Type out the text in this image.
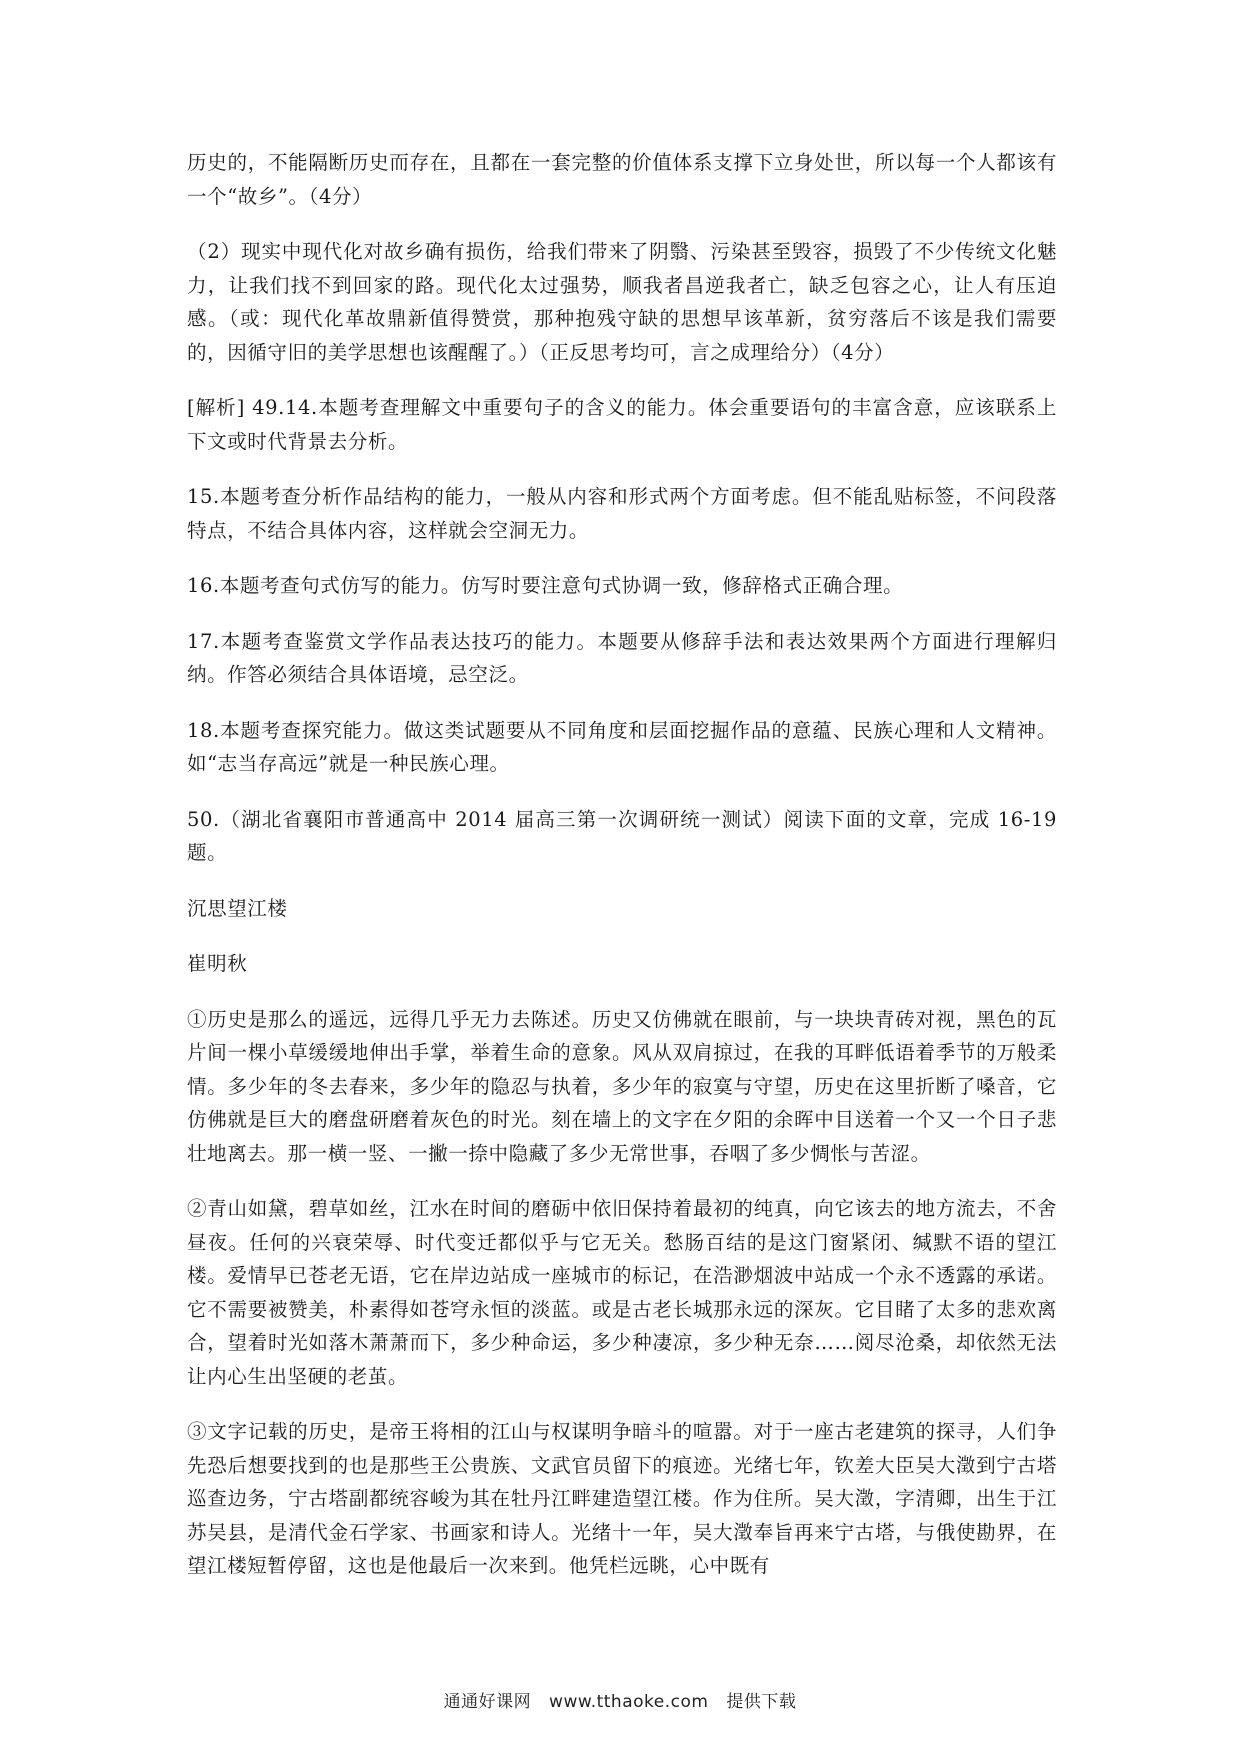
历史的，不能隔断历史而存在，且都在一套完整的价值体系支撑下立身处世，所以每一个人都该有一个“故乡”。（4分）

（2）现实中现代化对故乡确有损伤，给我们带来了阴翳、污染甚至毁容，损毁了不少传统文化魅力，让我们找不到回家的路。现代化太过强势，顺我者昌逆我者亡，缺乏包容之心，让人有压迫感。（或：现代化革故鼎新值得赞赏，那种抱残守缺的思想早该革新，贫穷落后不该是我们需要的，因循守旧的美学思想也该醒醒了。）（正反思考均可，言之成理给分）（4分）

[解析] 49.14.本题考查理解文中重要句子的含义的能力。体会重要语句的丰富含意，应该联系上下文或时代背景去分析。

15.本题考查分析作品结构的能力，一般从内容和形式两个方面考虑。但不能乱贴标签，不问段落特点，不结合具体内容，这样就会空洞无力。

16.本题考查句式仿写的能力。仿写时要注意句式协调一致，修辞格式正确合理。

17.本题考查鉴赏文学作品表达技巧的能力。本题要从修辞手法和表达效果两个方面进行理解归纳。作答必须结合具体语境，忌空泛。

18.本题考查探究能力。做这类试题要从不同角度和层面挖掘作品的意蕴、民族心理和人文精神。如“志当存高远”就是一种民族心理。

50.（湖北省襄阳市普通高中 2014 届高三第一次调研统一测试）阅读下面的文章，完成 16-19 题。

沉思望江楼

崔明秋

①历史是那么的遥远，远得几乎无力去陈述。历史又仿佛就在眼前，与一块块青砖对视，黑色的瓦片间一棵小草缓缓地伸出手掌，举着生命的意象。风从双肩掠过，在我的耳畔低语着季节的万般柔情。多少年的冬去春来，多少年的隐忍与执着，多少年的寂寞与守望，历史在这里折断了嗓音，它仿佛就是巨大的磨盘研磨着灰色的时光。刻在墙上的文字在夕阳的余晖中目送着一个又一个日子悲壮地离去。那一横一竖、一撇一捺中隐藏了多少无常世事，吞咽了多少惆怅与苦涩。

②青山如黛，碧草如丝，江水在时间的磨砺中依旧保持着最初的纯真，向它该去的地方流去，不舍昼夜。任何的兴衰荣辱、时代变迁都似乎与它无关。愁肠百结的是这门窗紧闭、缄默不语的望江楼。爱情早已苍老无语，它在岸边站成一座城市的标记，在浩渺烟波中站成一个永不透露的承诺。它不需要被赞美，朴素得如苍穹永恒的淡蓝。或是古老长城那永远的深灰。它目睹了太多的悲欢离合，望着时光如落木萧萧而下，多少种命运，多少种凄凉，多少种无奈……阅尽沧桑，却依然无法让内心生出坚硬的老茧。

③文字记载的历史，是帝王将相的江山与权谋明争暗斗的喧嚣。对于一座古老建筑的探寻，人们争先恐后想要找到的也是那些王公贵族、文武官员留下的痕迹。光绪七年，钦差大臣吴大澂到宁古塔巡查边务，宁古塔副都统容峻为其在牡丹江畔建造望江楼。作为住所。吴大澂，字清卿，出生于江苏吴县，是清代金石学家、书画家和诗人。光绪十一年，吴大澂奉旨再来宁古塔，与俄使勘界，在望江楼短暂停留，这也是他最后一次来到。他凭栏远眺，心中既有

通通好课网 www.tthaoke.com 提供下载
